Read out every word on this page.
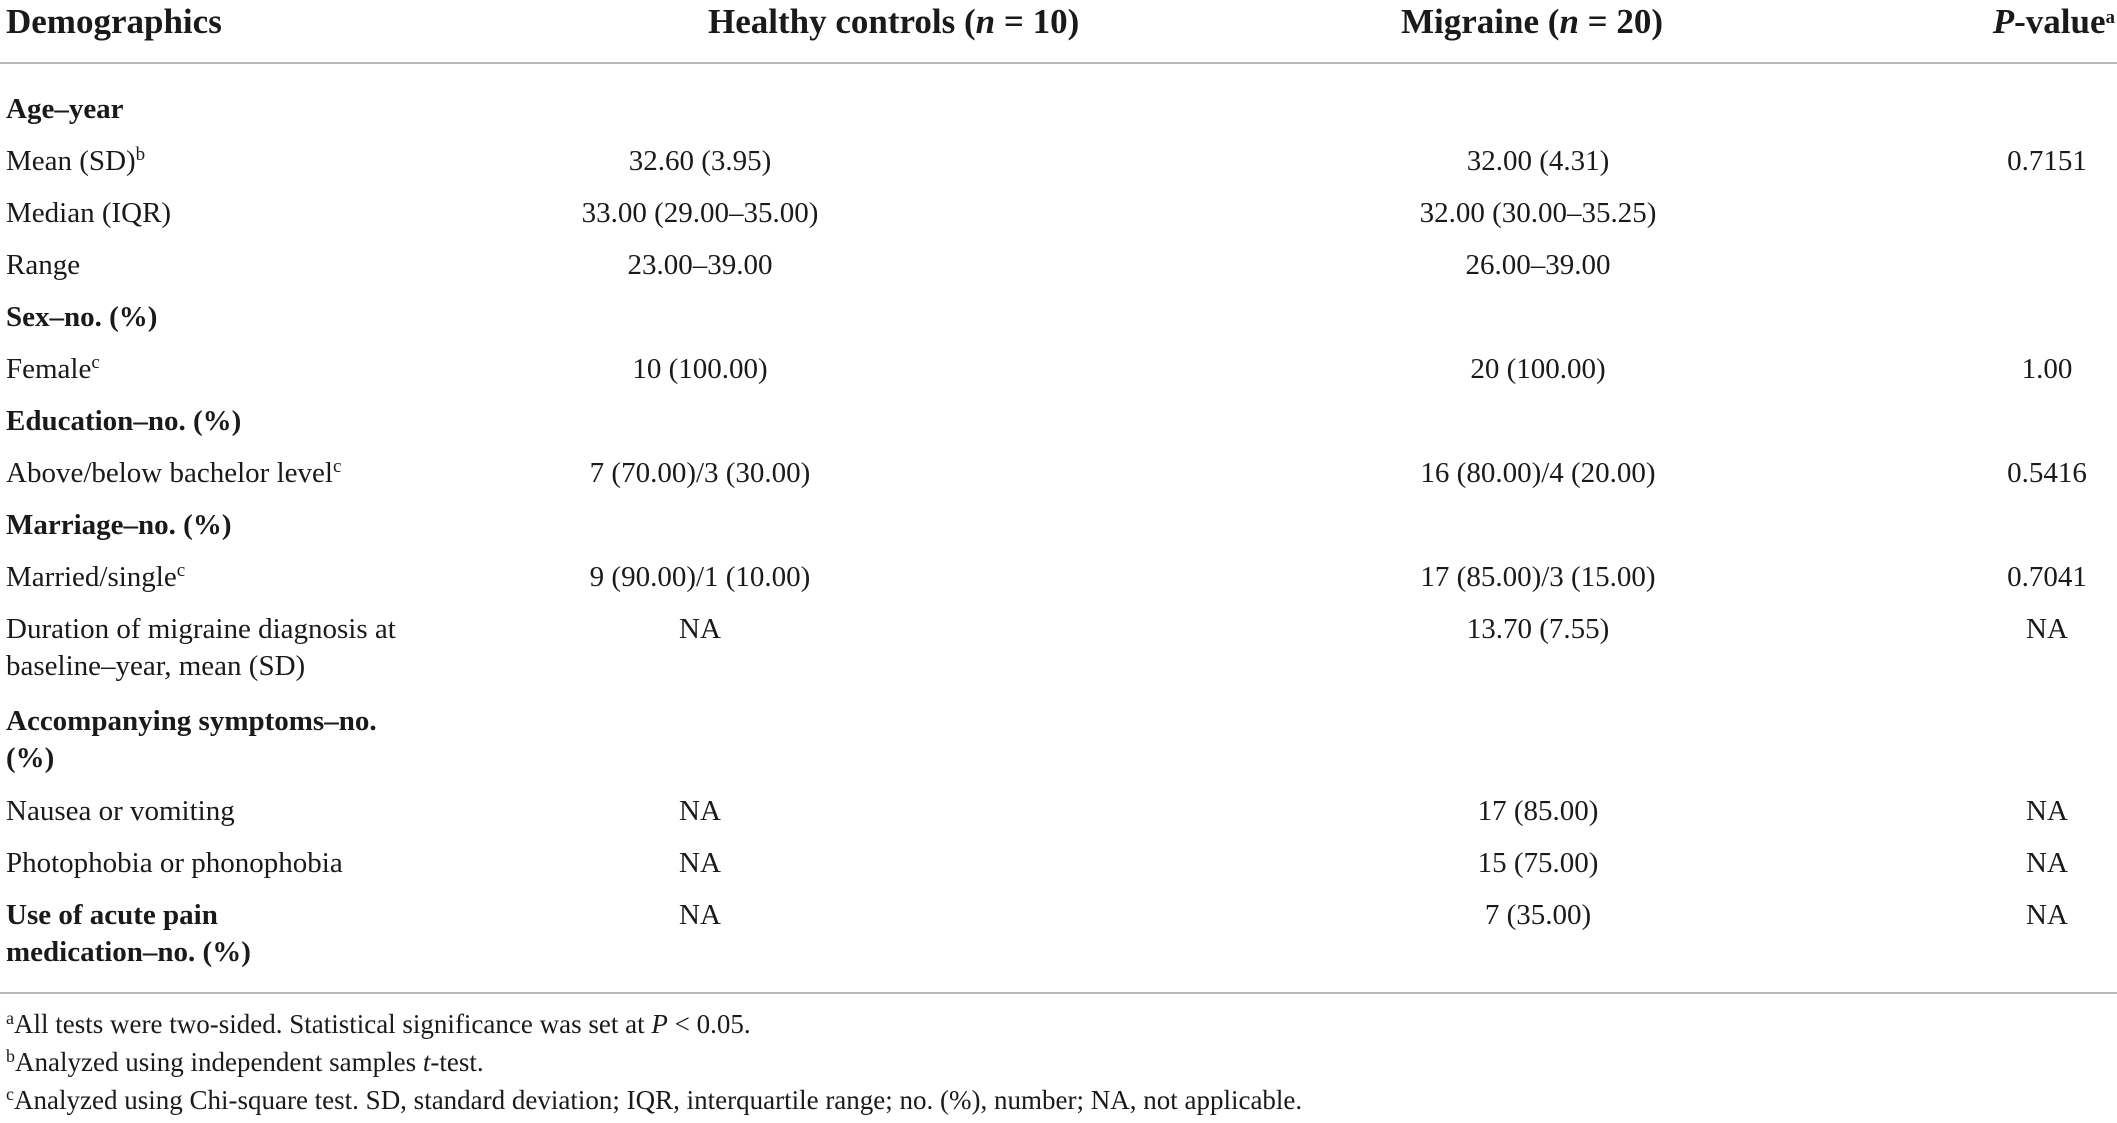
Demographics	Healthy controls (n = 10)	Migraine (n = 20)	P-value$^a$
Age–year
Mean (SD)$^b$	32.60 (3.95)	32.00 (4.31)	0.7151
Median (IQR)	33.00 (29.00–35.00)	32.00 (30.00–35.25)
Range	23.00–39.00	26.00–39.00
Sex–no. (%)
Female$^c$	10 (100.00)	20 (100.00)	1.00
Education–no. (%)
Above/below bachelor level$^c$	7 (70.00)/3 (30.00)	16 (80.00)/4 (20.00)	0.5416
Marriage–no. (%)
Married/single$^c$	9 (90.00)/1 (10.00)	17 (85.00)/3 (15.00)	0.7041
Duration of migraine diagnosis at
baseline–year, mean (SD)
NA	13.70 (7.55)	NA
Accompanying symptoms–no.
(%)
Nausea or vomiting	NA	17 (85.00)	NA
Photophobia or phonophobia	NA	15 (75.00)	NA
Use of acute pain
medication–no. (%)
NA	7 (35.00)	NA
$^a$All tests were two-sided. Statistical significance was set at P < 0.05.
$^b$Analyzed using independent samples t-test.
$^c$Analyzed using Chi-square test. SD, standard deviation; IQR, interquartile range; no. (%), number; NA, not applicable.
